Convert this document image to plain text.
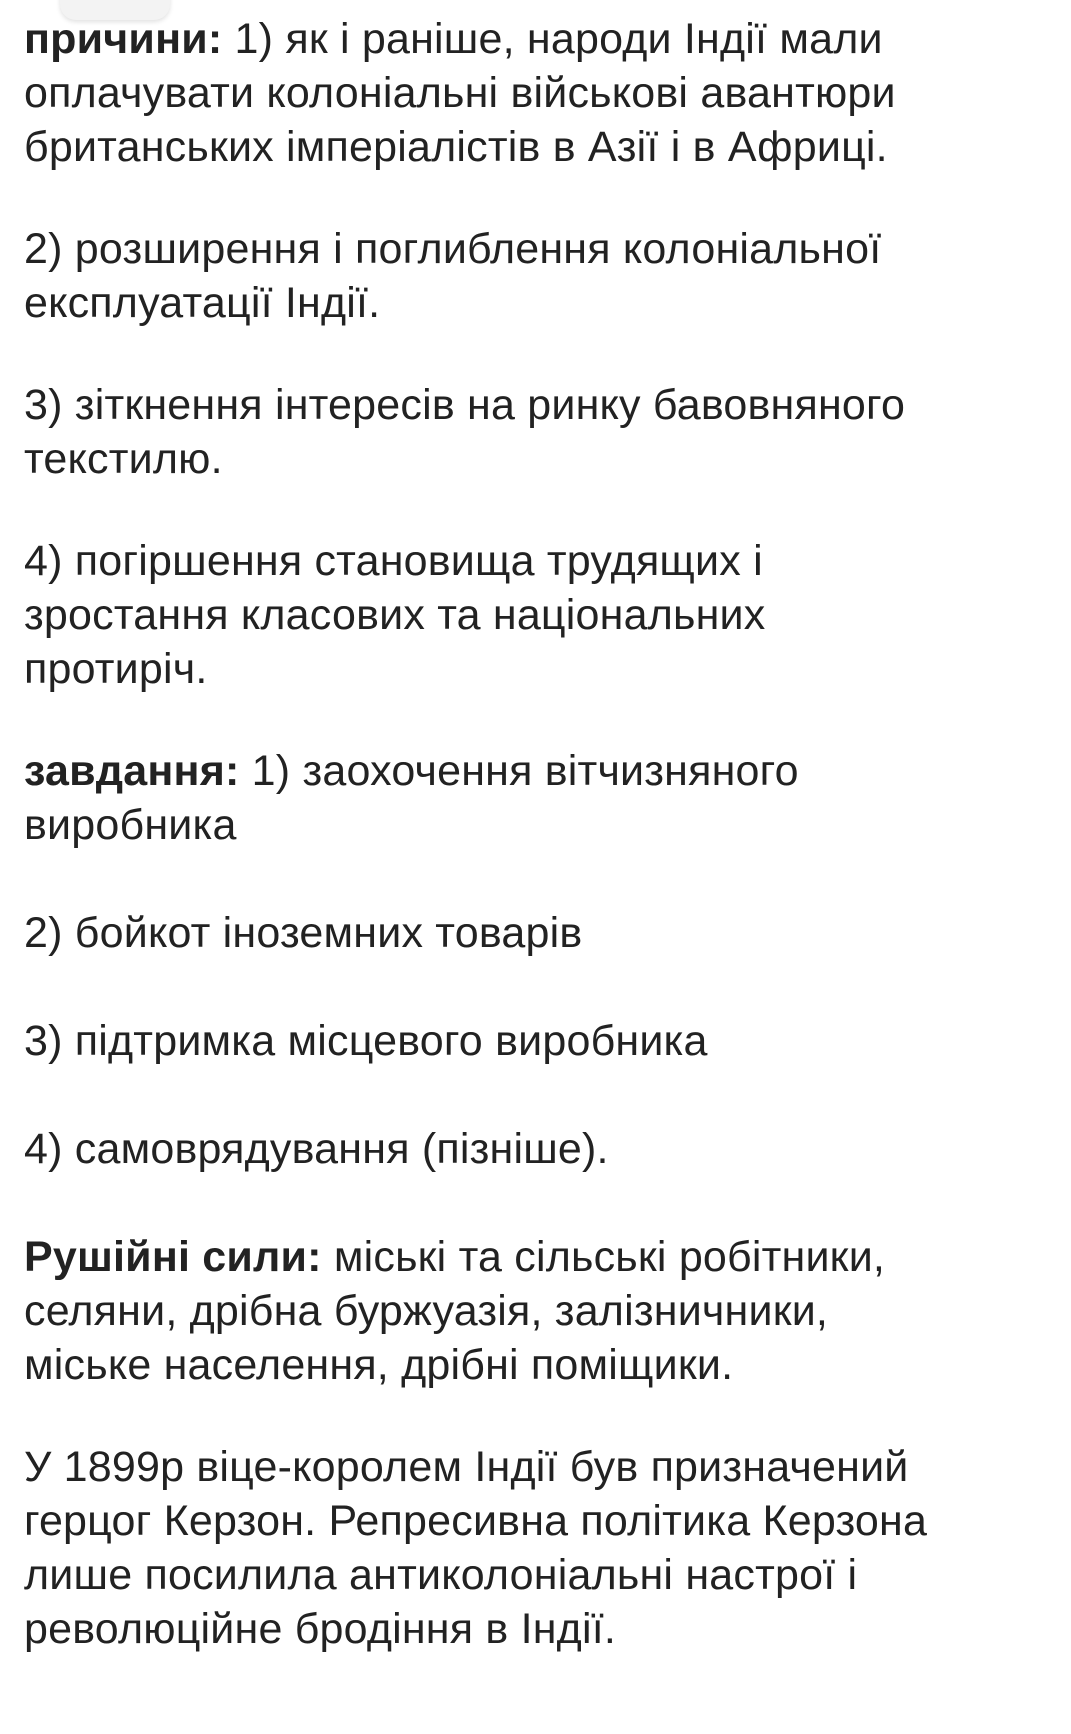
причини: 1) як і раніше, народи Індії мали
оплачувати колоніальні військові авантюри
британських імперіалістів в Азії і в Африці.

2) розширення і поглиблення колоніальної
експлуатації Індії.

3) зіткнення інтересів на ринку бавовняного
текстилю.

4) погіршення становища трудящих і
зростання класових та національних
протиріч.

завдання: 1) заохочення вітчизняного
виробника

2) бойкот іноземних товарів

3) підтримка місцевого виробника

4) самоврядування (пізніше).

Рушійні сили: міські та сільські робітники,
селяни, дрібна буржуазія, залізничники,
міське населення, дрібні поміщики.

У 1899р віце-королем Індії був призначений
герцог Керзон. Репресивна політика Керзона
лише посилила антиколоніальні настрої і
революційне бродіння в Індії.
